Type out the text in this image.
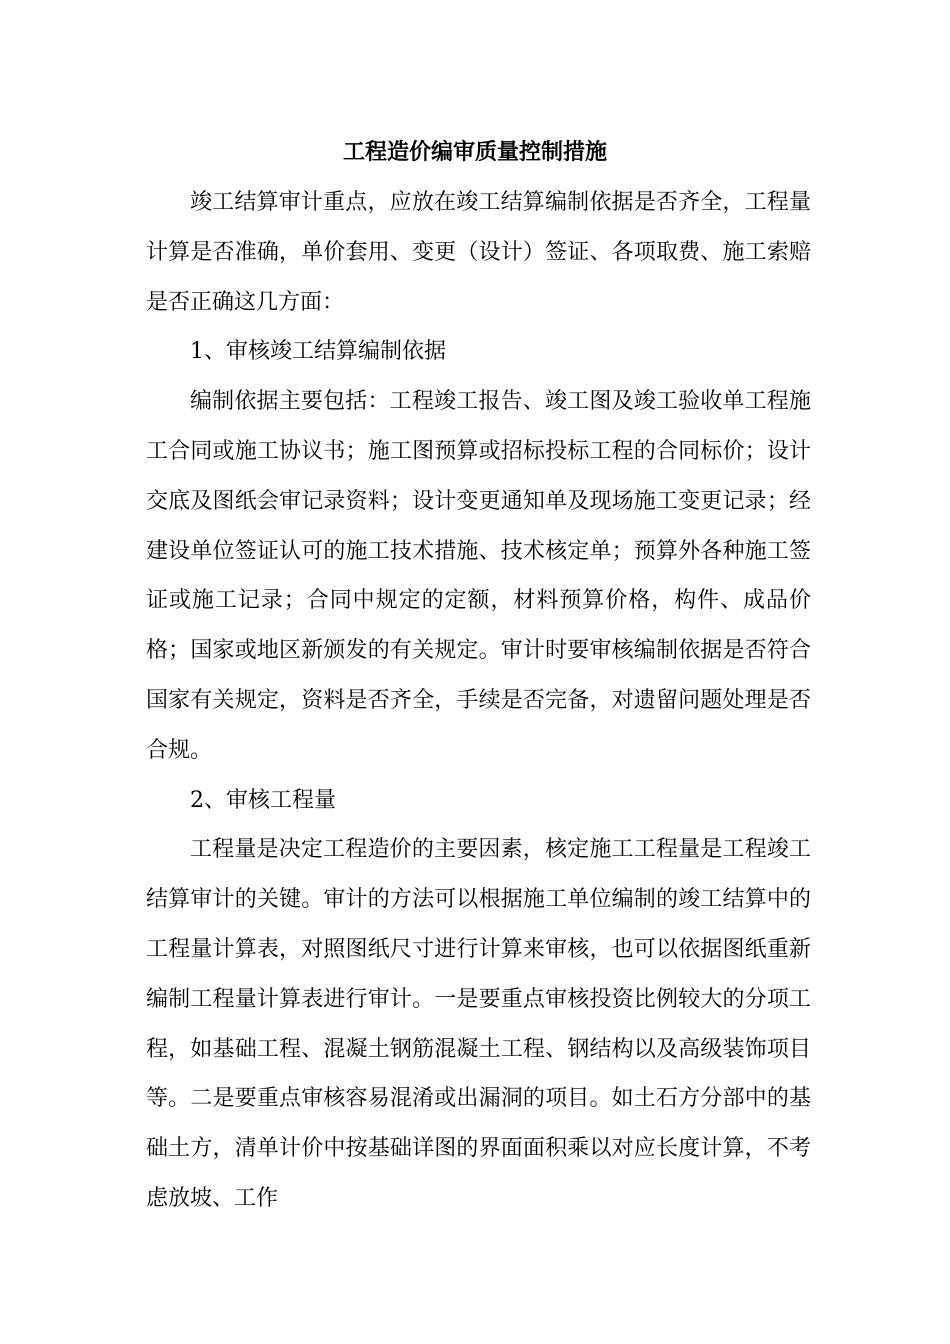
工程造价编审质量控制措施

竣工结算审计重点，应放在竣工结算编制依据是否齐全，工程量计算是否准确，单价套用、变更（设计）签证、各项取费、施工索赔是否正确这几方面：

1、审核竣工结算编制依据

编制依据主要包括：工程竣工报告、竣工图及竣工验收单工程施工合同或施工协议书；施工图预算或招标投标工程的合同标价；设计交底及图纸会审记录资料；设计变更通知单及现场施工变更记录；经建设单位签证认可的施工技术措施、技术核定单；预算外各种施工签证或施工记录；合同中规定的定额，材料预算价格，构件、成品价格；国家或地区新颁发的有关规定。审计时要审核编制依据是否符合国家有关规定，资料是否齐全，手续是否完备，对遗留问题处理是否合规。

2、审核工程量

工程量是决定工程造价的主要因素，核定施工工程量是工程竣工结算审计的关键。审计的方法可以根据施工单位编制的竣工结算中的工程量计算表，对照图纸尺寸进行计算来审核，也可以依据图纸重新编制工程量计算表进行审计。一是要重点审核投资比例较大的分项工程，如基础工程、混凝土钢筋混凝土工程、钢结构以及高级装饰项目等。二是要重点审核容易混淆或出漏洞的项目。如土石方分部中的基础土方，清单计价中按基础详图的界面面积乘以对应长度计算，不考虑放坡、工作
